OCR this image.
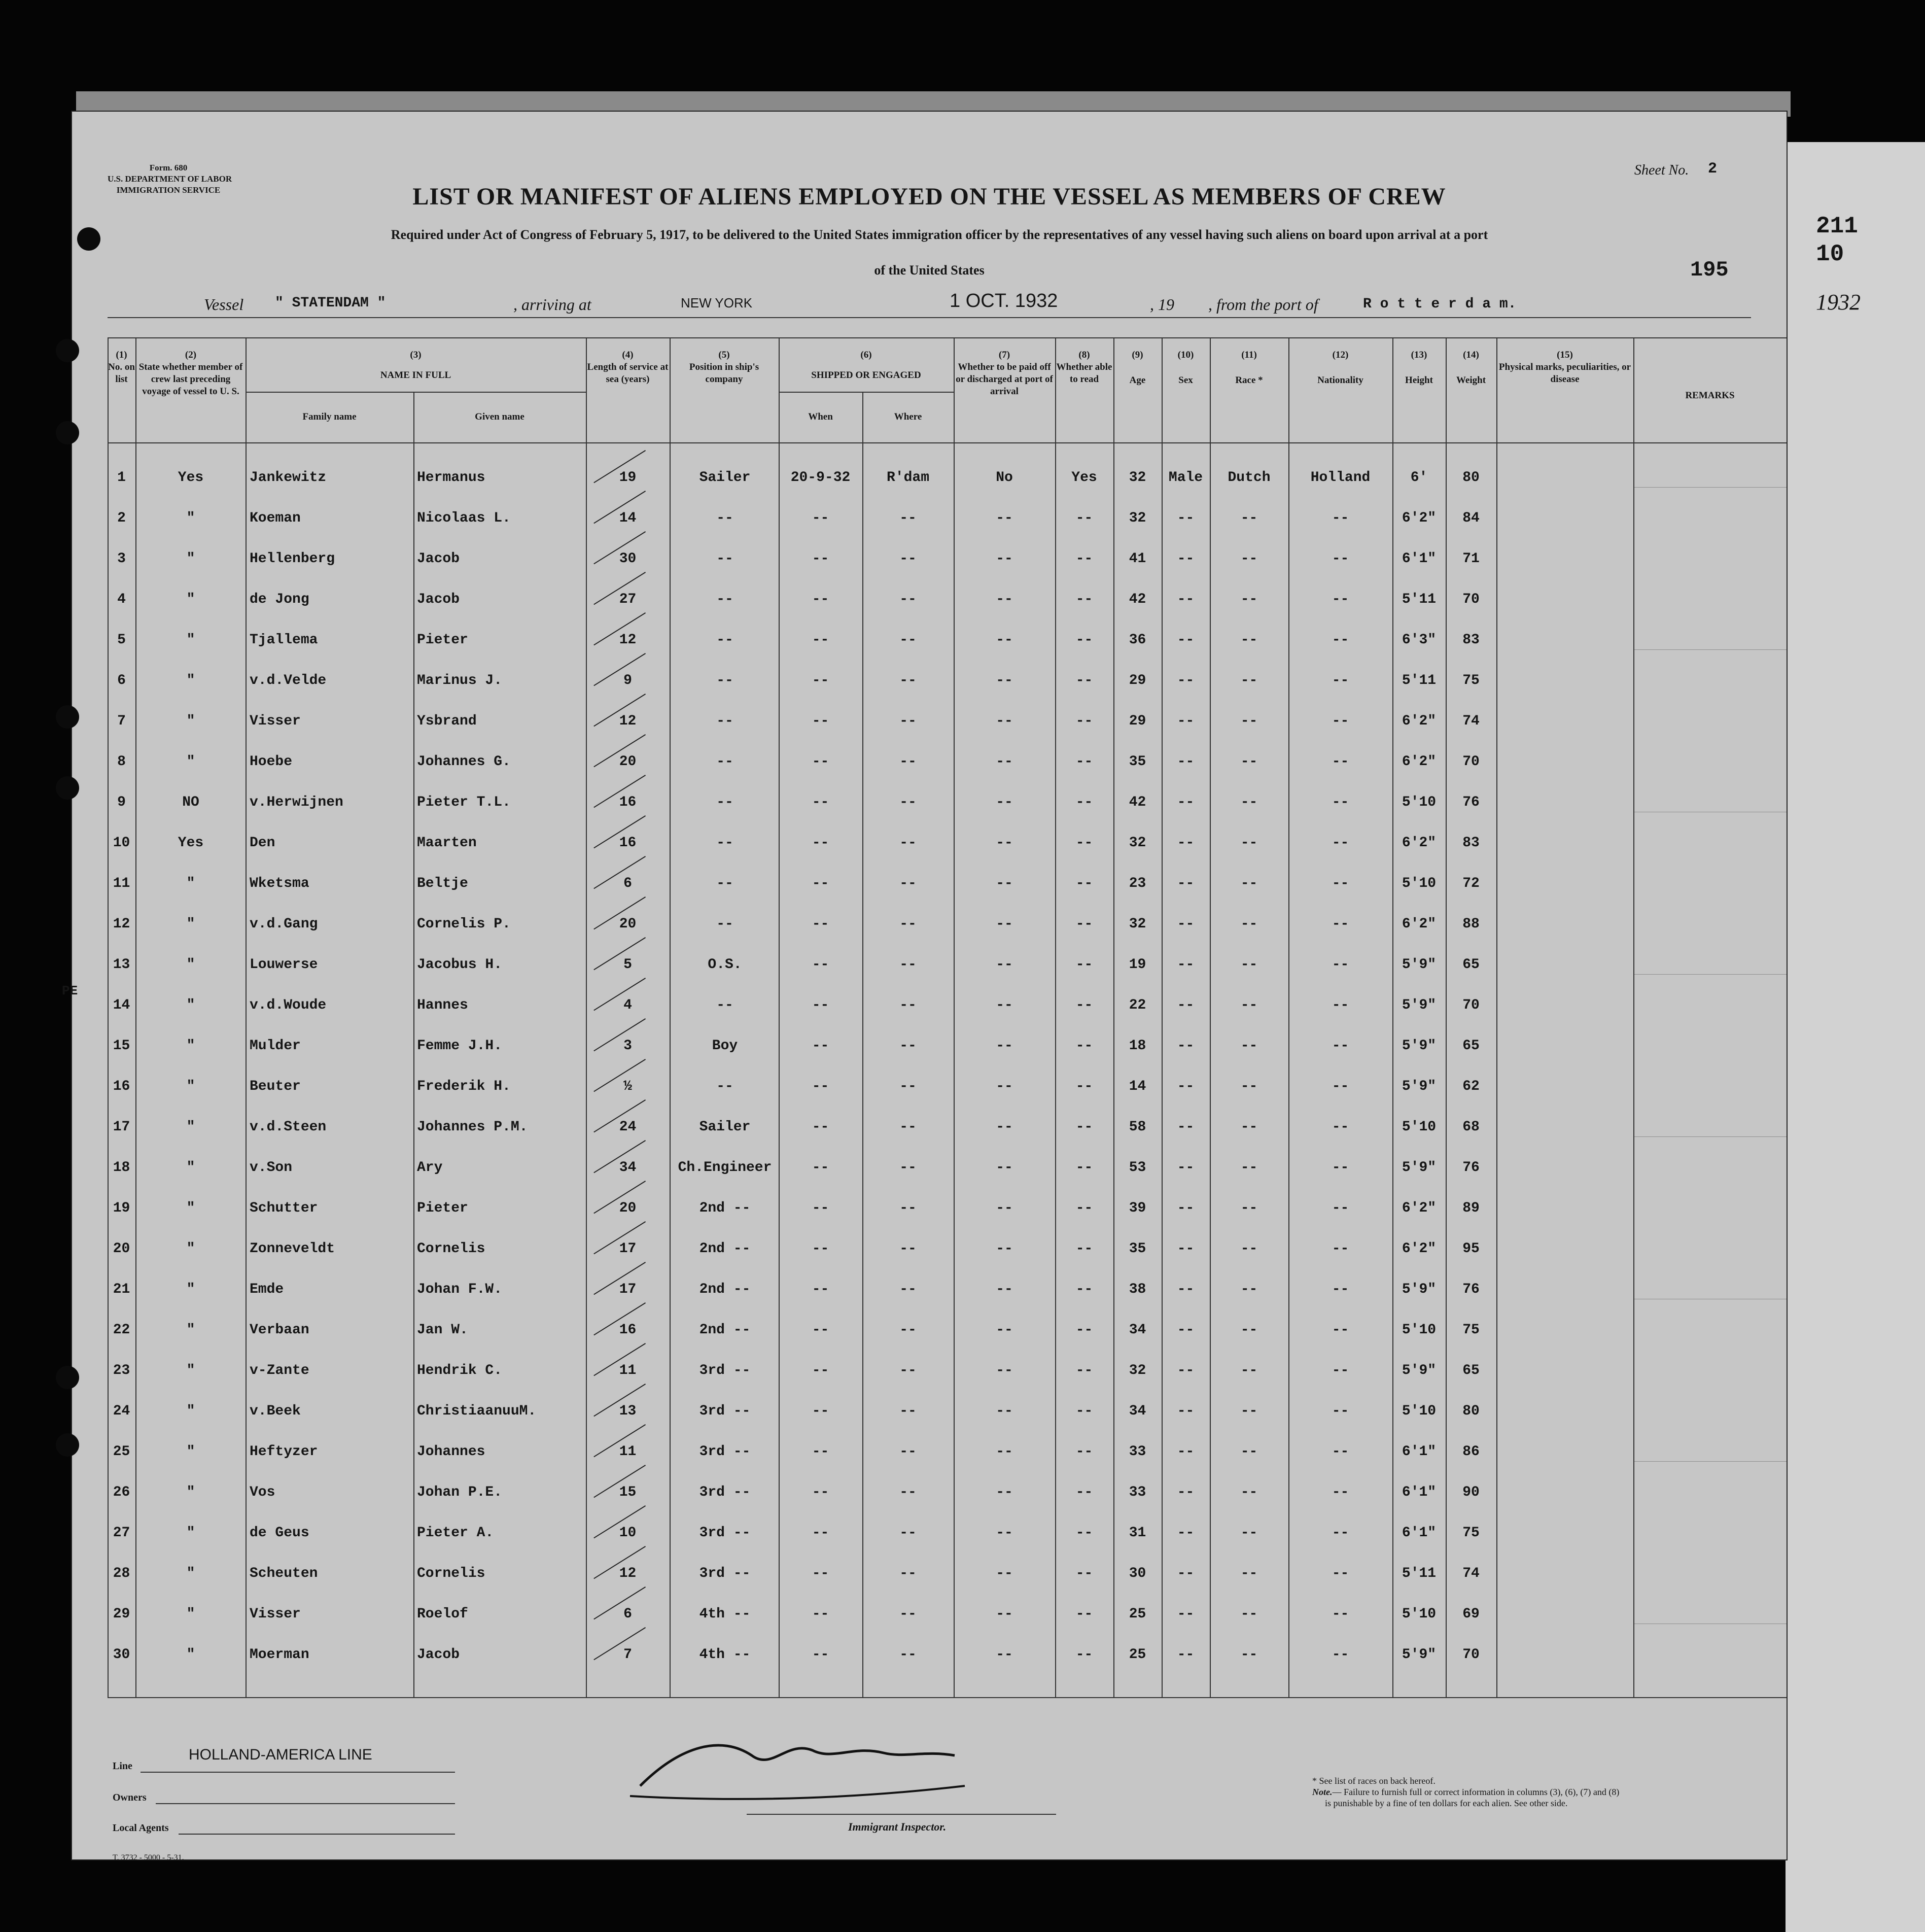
211
10
1932
Form. 680
U.S. DEPARTMENT OF LABOR
IMMIGRATION SERVICE
Sheet No. 2
LIST OR MANIFEST OF ALIENS EMPLOYED ON THE VESSEL AS MEMBERS OF CREW
Required under Act of Congress of February 5, 1917, to be delivered to the United States immigration officer by the representatives of any vessel having such aliens on board upon arrival at a port
of the United States	195
Vessel " STATENDAM "	, arriving at	NEW YORK	1 OCT. 1932	, 19 , from the port of	R o t t e r d a m.
(1)
No. on list
(2)
State whether member of crew last preceding voyage of vessel to U. S.
(3)
NAME IN FULL
Family name	Given name
(4)
Length of service at sea (years)
(5)
Position in ship's company
(6)
SHIPPED OR ENGAGED
When	Where
(7)
Whether to be paid off or discharged at port of arrival
(8)
Whether able to read
(9)
Age
(10)
Sex
(11)
Race *
(12)
Nationality
(13)
Height
(14)
Weight
(15)
Physical marks, peculiarities, or disease
REMARKS
1	Yes	Jankewitz	Hermanus	19	Sailer	20-9-32	R'dam	No	Yes	32	Male	Dutch	Holland	6'	80
2	"	Koeman	Nicolaas L.	14	--	--	--	--	--	32	--	--	--	6'2"	84
3	"	Hellenberg	Jacob	30	--	--	--	--	--	41	--	--	--	6'1"	71
4	"	de Jong	Jacob	27	--	--	--	--	--	42	--	--	--	5'11	70
5	"	Tjallema	Pieter	12	--	--	--	--	--	36	--	--	--	6'3"	83
6	"	v.d.Velde	Marinus J.	9	--	--	--	--	--	29	--	--	--	5'11	75
7	"	Visser	Ysbrand	12	--	--	--	--	--	29	--	--	--	6'2"	74
8	"	Hoebe	Johannes G.	20	--	--	--	--	--	35	--	--	--	6'2"	70
9	NO	v.Herwijnen	Pieter T.L.	16	--	--	--	--	--	42	--	--	--	5'10	76
10	Yes	Den	Maarten	16	--	--	--	--	--	32	--	--	--	6'2"	83
11	"	Wketsma	Beltje	6	--	--	--	--	--	23	--	--	--	5'10	72
12	"	v.d.Gang	Cornelis P.	20	--	--	--	--	--	32	--	--	--	6'2"	88
13	"	Louwerse	Jacobus H.	5	O.S.	--	--	--	--	19	--	--	--	5'9"	65
14	"	v.d.Woude	Hannes	4	--	--	--	--	--	22	--	--	--	5'9"	70
15	"	Mulder	Femme J.H.	3	Boy	--	--	--	--	18	--	--	--	5'9"	65
16	"	Beuter	Frederik H.	½	--	--	--	--	--	14	--	--	--	5'9"	62
17	"	v.d.Steen	Johannes P.M.	24	Sailer	--	--	--	--	58	--	--	--	5'10	68
18	"	v.Son	Ary	34	Ch.Engineer	--	--	--	--	53	--	--	--	5'9"	76
19	"	Schutter	Pieter	20	2nd --	--	--	--	--	39	--	--	--	6'2"	89
20	"	Zonneveldt	Cornelis	17	2nd --	--	--	--	--	35	--	--	--	6'2"	95
21	"	Emde	Johan F.W.	17	2nd --	--	--	--	--	38	--	--	--	5'9"	76
22	"	Verbaan	Jan W.	16	2nd --	--	--	--	--	34	--	--	--	5'10	75
23	"	v-Zante	Hendrik C.	11	3rd --	--	--	--	--	32	--	--	--	5'9"	65
24	"	v.Beek	ChristiaanuuM.	13	3rd --	--	--	--	--	34	--	--	--	5'10	80
25	"	Heftyzer	Johannes	11	3rd --	--	--	--	--	33	--	--	--	6'1"	86
26	"	Vos	Johan P.E.	15	3rd --	--	--	--	--	33	--	--	--	6'1"	90
27	"	de Geus	Pieter A.	10	3rd --	--	--	--	--	31	--	--	--	6'1"	75
28	"	Scheuten	Cornelis	12	3rd --	--	--	--	--	30	--	--	--	5'11	74
29	"	Visser	Roelof	6	4th --	--	--	--	--	25	--	--	--	5'10	69
30	"	Moerman	Jacob	7	4th --	--	--	--	--	25	--	--	--	5'9"	70
PE
Line
HOLLAND-AMERICA LINE
Owners
Local Agents
T. 3732 - 5000 - 5-31.
Immigrant Inspector.
* See list of races on back hereof.
Note.— Failure to furnish full or correct information in columns (3), (6), (7) and (8)
is punishable by a fine of ten dollars for each alien. See other side.
